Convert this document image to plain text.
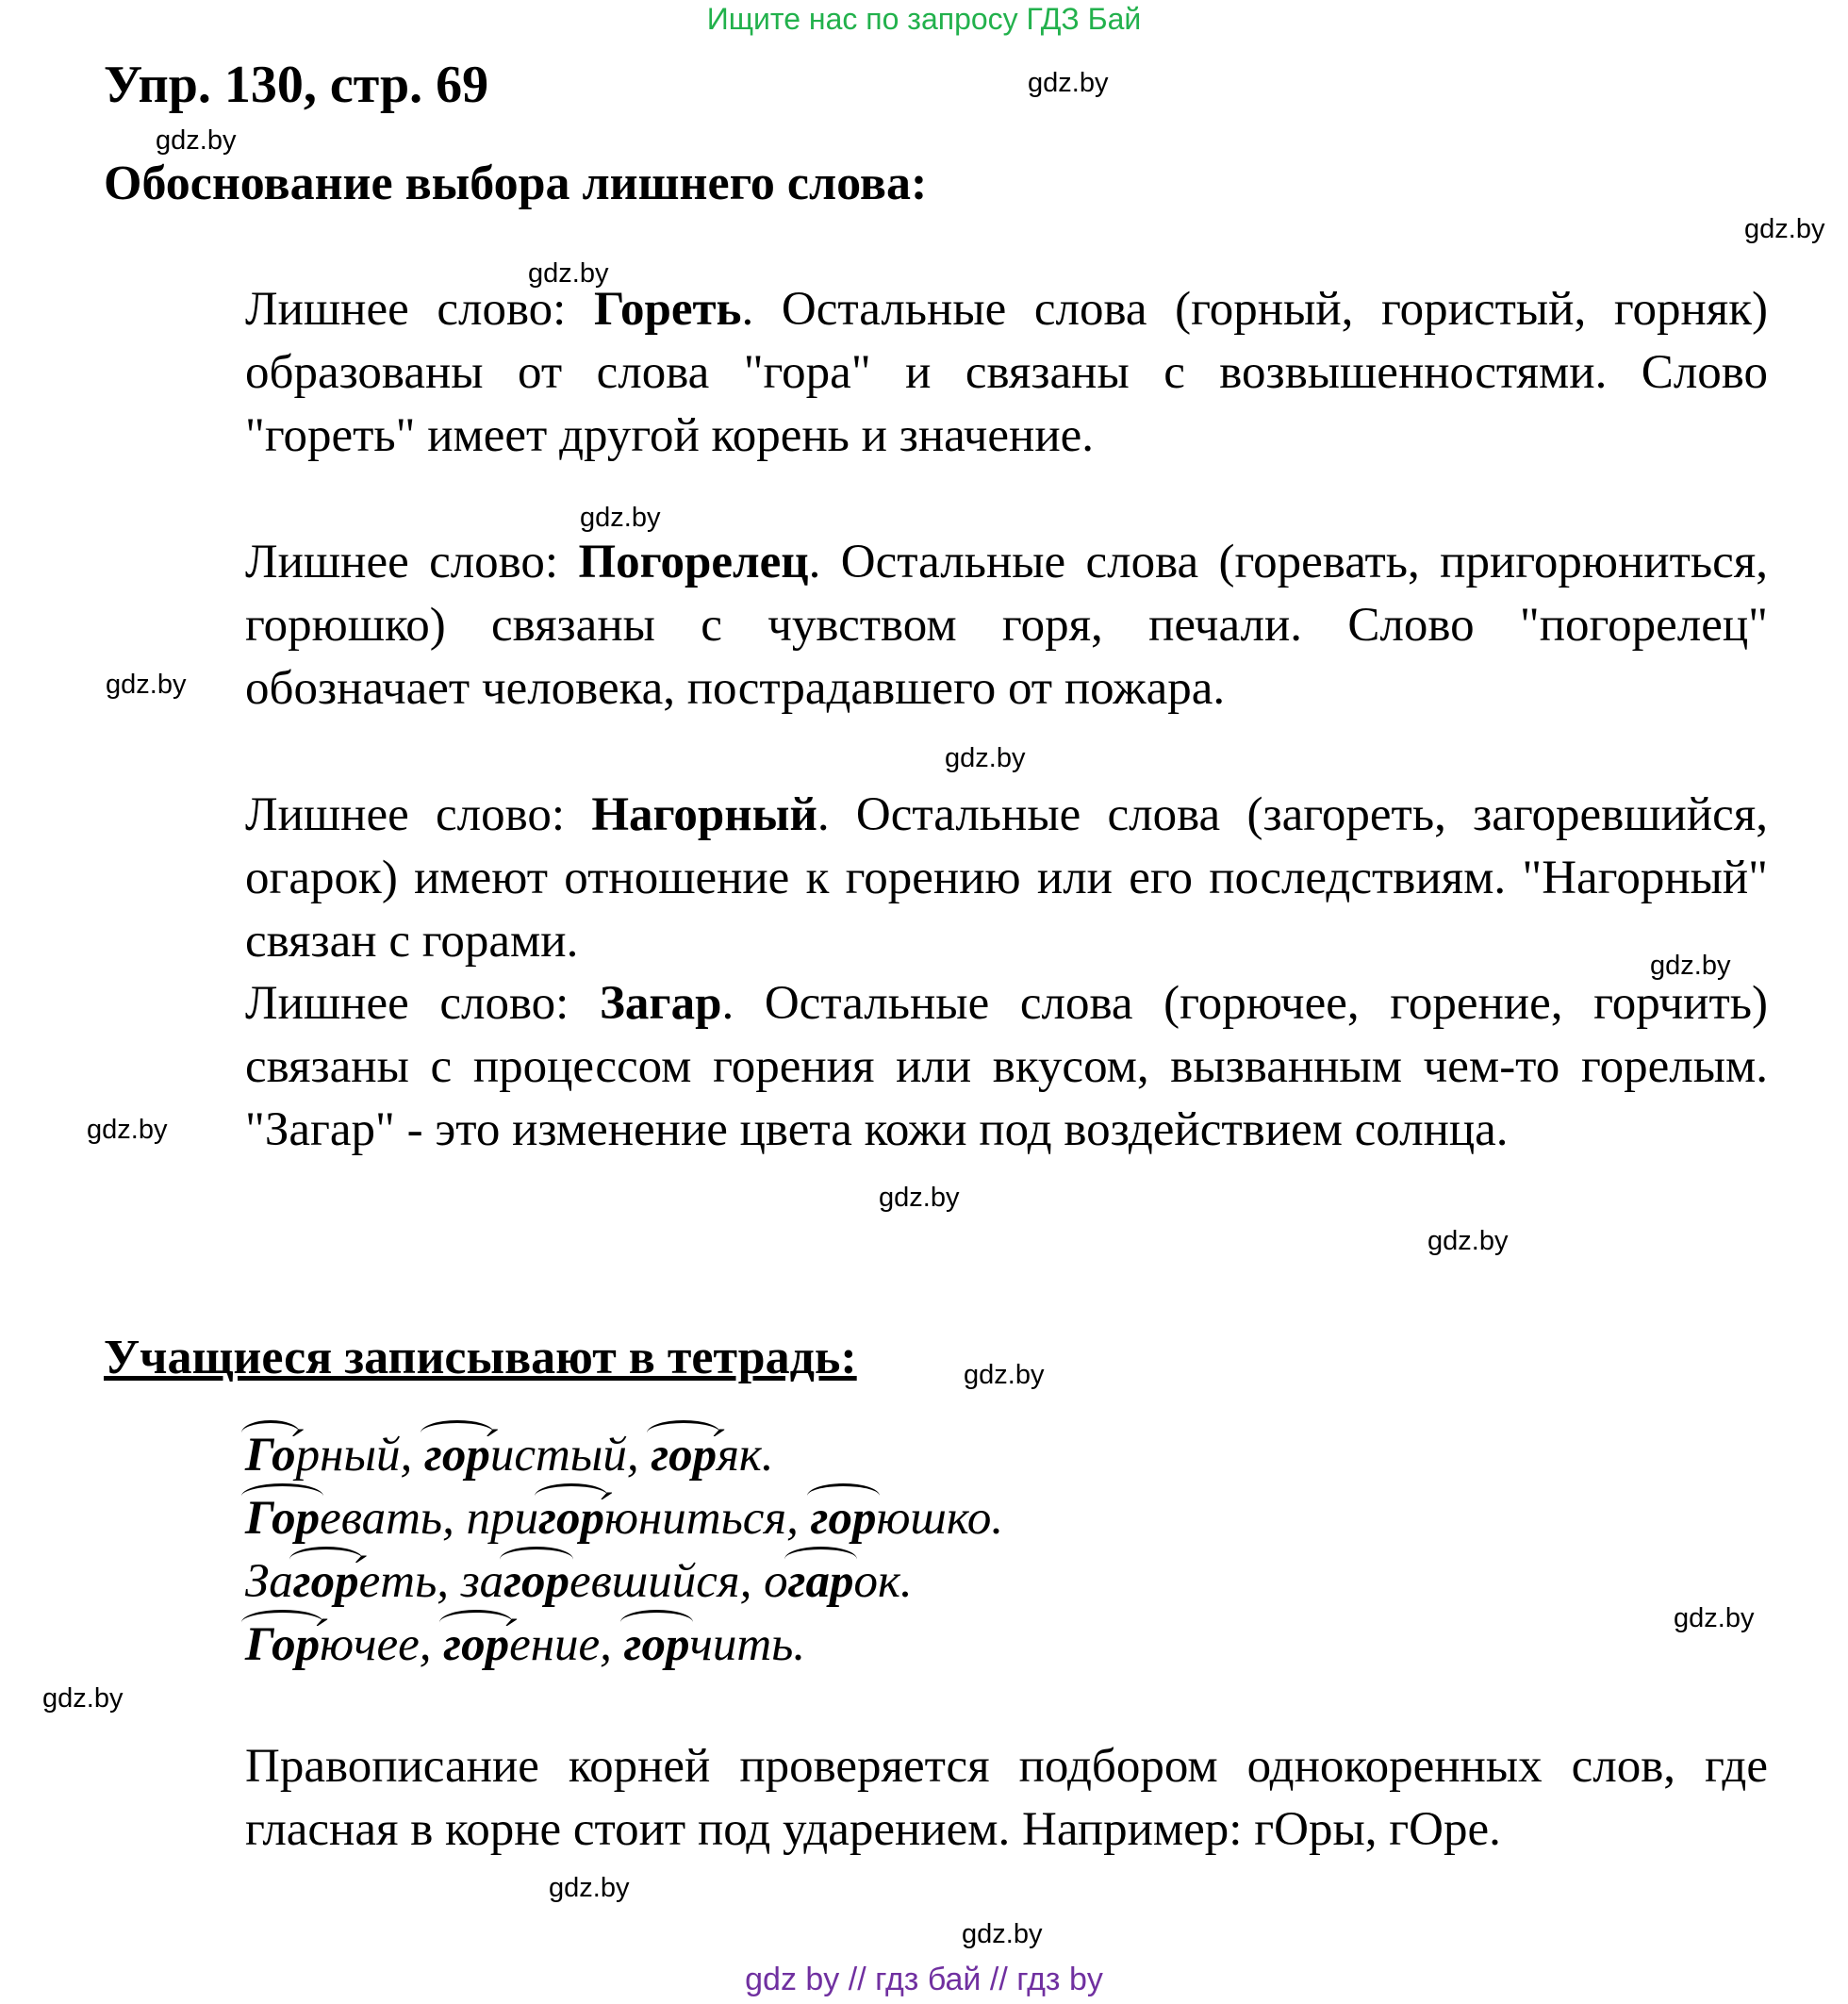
Ищите нас по запросу ГДЗ Бай
Упр. 130, стр. 69
Обоснование выбора лишнего слова:

Лишнее слово: Гореть. Остальные слова (горный, гористый, горняк) образованы от слова "гора" и связаны с возвышенностями. Слово "гореть" имеет другой корень и значение.

Лишнее слово: Погорелец. Остальные слова (горевать, пригорюниться, горюшко) связаны с чувством горя, печали. Слово "погорелец" обозначает человека, пострадавшего от пожара.

Лишнее слово: Нагорный. Остальные слова (загореть, загоревшийся, огарок) имеют отношение к горению или его последствиям. "Нагорный" связан с горами.

Лишнее слово: Загар. Остальные слова (горючее, горение, горчить) связаны с процессом горения или вкусом, вызванным чем-то горелым. "Загар" - это изменение цвета кожи под воздействием солнца.

Учащиеся записывают в тетрадь:
Гор ́ный, гори ́стый, горя ́к.
Горевать, пригорю ́ниться, горюшко.
Загоре ́ть, загоревшийся, огарок.
Горю ́чее, горе ́ние, горчить.

Правописание корней проверяется подбором однокоренных слов, где гласная в корне стоит под ударением. Например: гОры, гОре.

gdz.by
gdz.by
gdz.by
gdz.by
gdz.by
gdz.by
gdz.by
gdz.by
gdz.by
gdz.by
gdz.by
gdz.by
gdz.by
gdz.by
gdz.by
gdz.by
gdz by // гдз бай // гдз by
